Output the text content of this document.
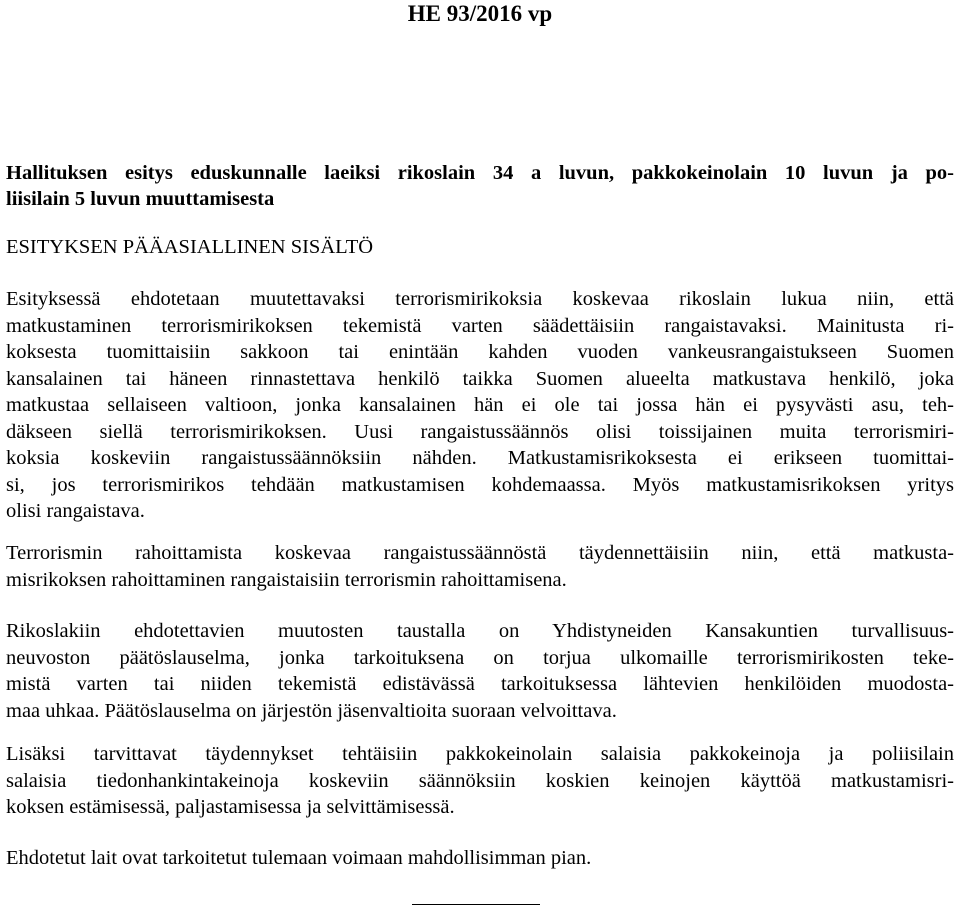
HE 93/2016 vp
Hallituksen esitys eduskunnalle laeiksi rikoslain 34 a luvun, pakkokeinolain 10 luvun ja po-
liisilain 5 luvun muuttamisesta
ESITYKSEN PÄÄASIALLINEN SISÄLTÖ
Esityksessä ehdotetaan muutettavaksi terrorismirikoksia koskevaa rikoslain lukua niin, että
matkustaminen terrorismirikoksen tekemistä varten säädettäisiin rangaistavaksi. Mainitusta ri-
koksesta tuomittaisiin sakkoon tai enintään kahden vuoden vankeusrangaistukseen Suomen
kansalainen tai häneen rinnastettava henkilö taikka Suomen alueelta matkustava henkilö, joka
matkustaa sellaiseen valtioon, jonka kansalainen hän ei ole tai jossa hän ei pysyvästi asu, teh-
däkseen siellä terrorismirikoksen. Uusi rangaistussäännös olisi toissijainen muita terrorismiri-
koksia koskeviin rangaistussäännöksiin nähden. Matkustamisrikoksesta ei erikseen tuomittai-
si, jos terrorismirikos tehdään matkustamisen kohdemaassa. Myös matkustamisrikoksen yritys
olisi rangaistava.
Terrorismin rahoittamista koskevaa rangaistussäännöstä täydennettäisiin niin, että matkusta-
misrikoksen rahoittaminen rangaistaisiin terrorismin rahoittamisena.
Rikoslakiin ehdotettavien muutosten taustalla on Yhdistyneiden Kansakuntien turvallisuus-
neuvoston päätöslauselma, jonka tarkoituksena on torjua ulkomaille terrorismirikosten teke-
mistä varten tai niiden tekemistä edistävässä tarkoituksessa lähtevien henkilöiden muodosta-
maa uhkaa. Päätöslauselma on järjestön jäsenvaltioita suoraan velvoittava.
Lisäksi tarvittavat täydennykset tehtäisiin pakkokeinolain salaisia pakkokeinoja ja poliisilain
salaisia tiedonhankintakeinoja koskeviin säännöksiin koskien keinojen käyttöä matkustamisri-
koksen estämisessä, paljastamisessa ja selvittämisessä.
Ehdotetut lait ovat tarkoitetut tulemaan voimaan mahdollisimman pian.
